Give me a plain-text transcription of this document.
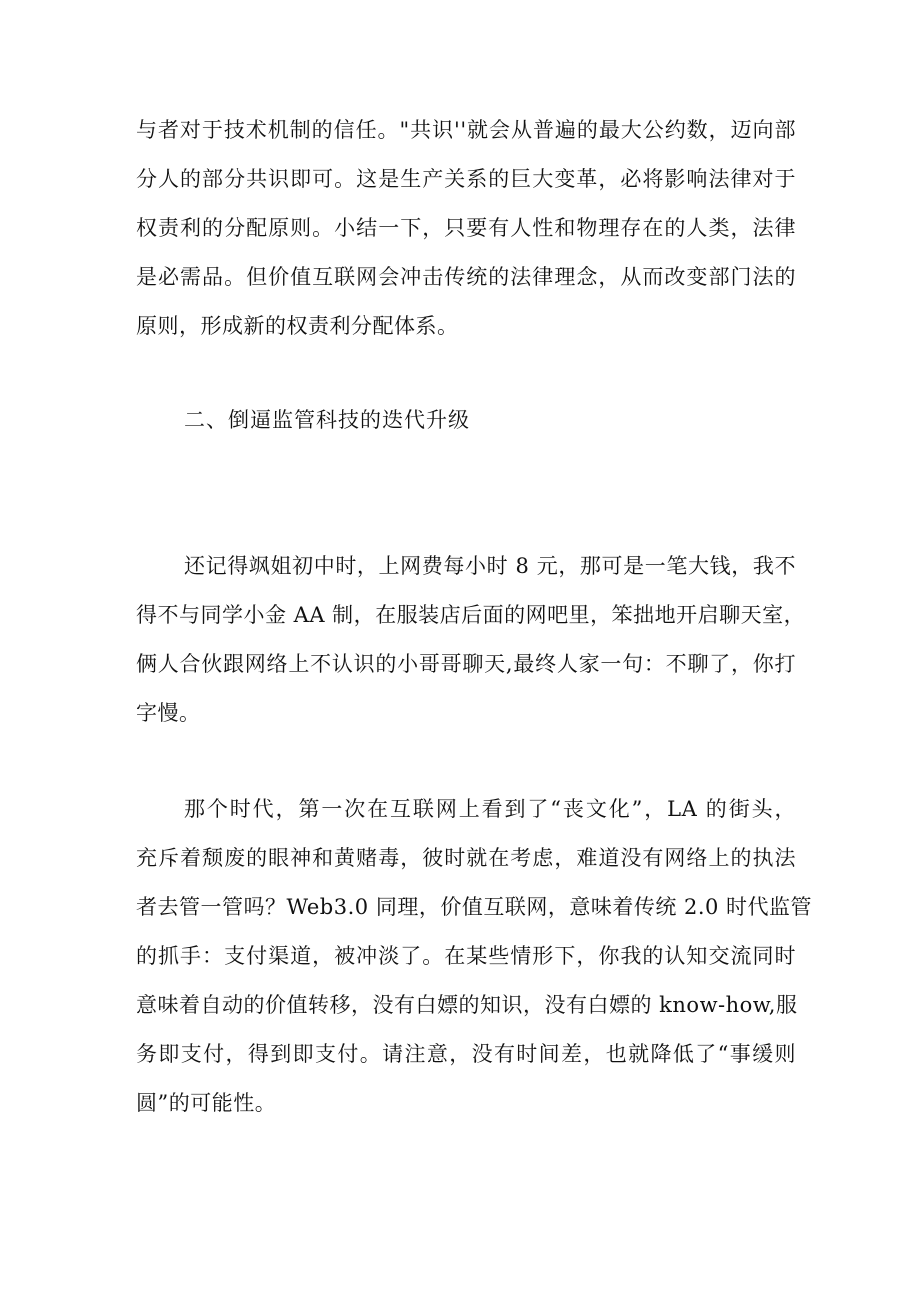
与者对于技术机制的信任。"共识''就会从普遍的最大公约数，迈向部
分人的部分共识即可。这是生产关系的巨大变革，必将影响法律对于
权责利的分配原则。小结一下，只要有人性和物理存在的人类，法律
是必需品。但价值互联网会冲击传统的法律理念，从而改变部门法的
原则，形成新的权责利分配体系。
二、倒逼监管科技的迭代升级
还记得飒姐初中时，上网费每小时 8 元，那可是一笔大钱，我不
得不与同学小金 AA 制，在服装店后面的网吧里，笨拙地开启聊天室，
俩人合伙跟网络上不认识的小哥哥聊天,最终人家一句：不聊了，你打
字慢。
那个时代，第一次在互联网上看到了“丧文化”，LA 的街头，
充斥着颓废的眼神和黄赌毒，彼时就在考虑，难道没有网络上的执法
者去管一管吗？Web3.0 同理，价值互联网，意味着传统 2.0 时代监管
的抓手：支付渠道，被冲淡了。在某些情形下，你我的认知交流同时
意味着自动的价值转移，没有白嫖的知识，没有白嫖的 know-how,服
务即支付，得到即支付。请注意，没有时间差，也就降低了“事缓则
圆”的可能性。
